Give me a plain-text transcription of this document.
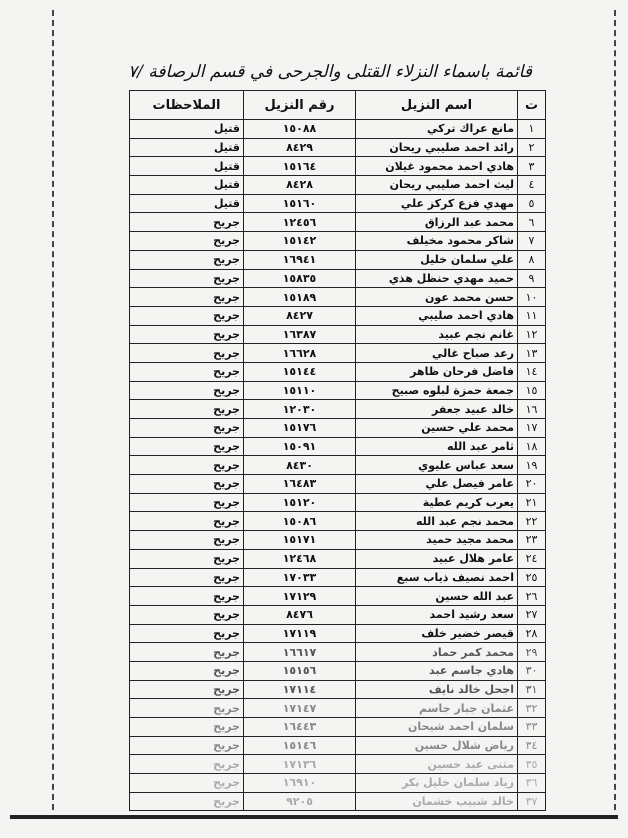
قائمة باسماء النزلاء القتلى والجرحى في قسم الرصافة /٧
ت	اسم النزيل	رقم النزيل	الملاحظات
١	مانع عراك تركي	١٥٠٨٨	قتيل
٢	رائد احمد صليبي ريحان	٨٤٢٩	قتيل
٣	هادي احمد محمود غيلان	١٥١٦٤	قتيل
٤	ليث احمد صليبي ريحان	٨٤٢٨	قتيل
٥	مهدي فزع كركز علي	١٥١٦٠	قتيل
٦	محمد عبد الرزاق	١٢٤٥٦	جريح
٧	شاكر محمود مخيلف	١٥١٤٢	جريح
٨	علي سلمان خليل	١٦٩٤١	جريح
٩	حميد مهدي حنظل هذي	١٥٨٣٥	جريح
١٠	حسن محمد عون	١٥١٨٩	جريح
١١	هادي احمد صليبي	٨٤٢٧	جريح
١٢	غانم نجم عبيد	١٦٣٨٧	جريح
١٣	رعد صباح غالي	١٦٦٢٨	جريح
١٤	فاضل فرحان ظاهر	١٥١٤٤	جريح
١٥	جمعة حمزة لبلوه صبيح	١٥١١٠	جريح
١٦	خالد عبيد جعفر	١٢٠٣٠	جريح
١٧	محمد علي حسين	١٥١٧٦	جريح
١٨	ثامر عبد الله	١٥٠٩١	جريح
١٩	سعد عباس عليوي	٨٤٣٠	جريح
٢٠	عامر فيصل علي	١٦٤٨٣	جريح
٢١	يعرب كريم عطية	١٥١٢٠	جريح
٢٢	محمد نجم عبد الله	١٥٠٨٦	جريح
٢٣	محمد مجيد حميد	١٥١٧١	جريح
٢٤	عامر هلال عبيد	١٢٤٦٨	جريح
٢٥	احمد نصيف ذياب سبع	١٧٠٣٣	جريح
٢٦	عبد الله حسين	١٧١٢٩	جريح
٢٧	سعد رشيد احمد	٨٤٧٦	جريح
٢٨	قيصر خضير خلف	١٧١١٩	جريح
٢٩	محمد كمر حماد	١٦٦١٧	جريح
٣٠	هادي جاسم عبد	١٥١٥٦	جريح
٣١	اجحل خالد نايف	١٧١١٤	جريح
٣٢	عثمان جبار جاسم	١٧١٤٧	جريح
٣٣	سلمان احمد شيحان	١٦٤٤٣	جريح
٣٤	رياض شلال حسين	١٥١٤٦	جريح
٣٥	مثنى عبد حسين	١٧١٣٦	جريح
٣٦	زياد سلمان خليل بكر	١٦٩١٠	جريح
٣٧	خالد شبيب خشمان	٩٢٠٥	جريح
